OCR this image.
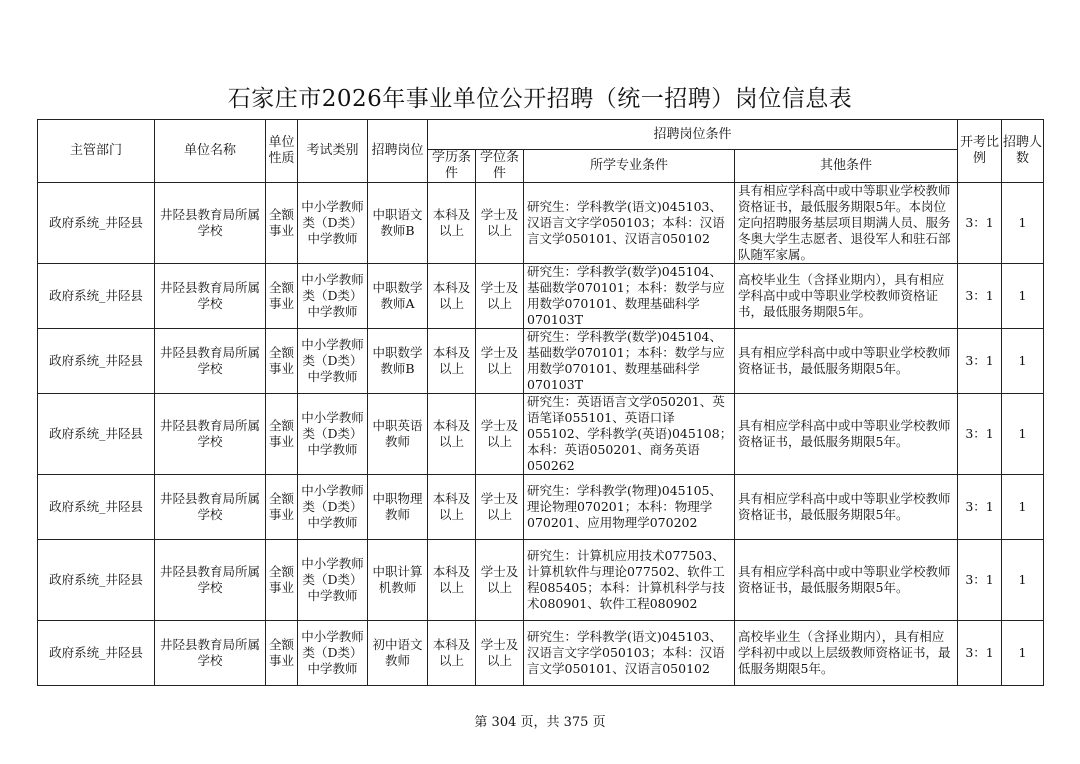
石家庄市2026年事业单位公开招聘（统一招聘）岗位信息表
主管部门	单位名称	单位性质	考试类别	招聘岗位	招聘岗位条件				开考比例	招聘人数
					学历条件	学位条件	所学专业条件	其他条件		
政府系统_井陉县	井陉县教育局所属学校	全额事业	中小学教师类（D类）中学教师	中职语文教师B	本科及以上	学士及以上	研究生：学科教学(语文)045103、汉语言文字学050103；本科：汉语言文学050101、汉语言050102	具有相应学科高中或中等职业学校教师资格证书，最低服务期限5年。本岗位定向招聘服务基层项目期满人员、服务冬奥大学生志愿者、退役军人和驻石部队随军家属。	3：1	1
政府系统_井陉县	井陉县教育局所属学校	全额事业	中小学教师类（D类）中学教师	中职数学教师A	本科及以上	学士及以上	研究生：学科教学(数学)045104、基础数学070101；本科：数学与应用数学070101、数理基础科学070103T	高校毕业生（含择业期内），具有相应学科高中或中等职业学校教师资格证书，最低服务期限5年。	3：1	1
政府系统_井陉县	井陉县教育局所属学校	全额事业	中小学教师类（D类）中学教师	中职数学教师B	本科及以上	学士及以上	研究生：学科教学(数学)045104、基础数学070101；本科：数学与应用数学070101、数理基础科学070103T	具有相应学科高中或中等职业学校教师资格证书，最低服务期限5年。	3：1	1
政府系统_井陉县	井陉县教育局所属学校	全额事业	中小学教师类（D类）中学教师	中职英语教师	本科及以上	学士及以上	研究生：英语语言文学050201、英语笔译055101、英语口译055102、学科教学(英语)045108；本科：英语050201、商务英语050262	具有相应学科高中或中等职业学校教师资格证书，最低服务期限5年。	3：1	1
政府系统_井陉县	井陉县教育局所属学校	全额事业	中小学教师类（D类）中学教师	中职物理教师	本科及以上	学士及以上	研究生：学科教学(物理)045105、理论物理070201；本科：物理学070201、应用物理学070202	具有相应学科高中或中等职业学校教师资格证书，最低服务期限5年。	3：1	1
政府系统_井陉县	井陉县教育局所属学校	全额事业	中小学教师类（D类）中学教师	中职计算机教师	本科及以上	学士及以上	研究生：计算机应用技术077503、计算机软件与理论077502、软件工程085405；本科：计算机科学与技术080901、软件工程080902	具有相应学科高中或中等职业学校教师资格证书，最低服务期限5年。	3：1	1
政府系统_井陉县	井陉县教育局所属学校	全额事业	中小学教师类（D类）中学教师	初中语文教师	本科及以上	学士及以上	研究生：学科教学(语文)045103、汉语言文字学050103；本科：汉语言文学050101、汉语言050102	高校毕业生（含择业期内），具有相应学科初中或以上层级教师资格证书，最低服务期限5年。	3：1	1
第 304 页，共 375 页
